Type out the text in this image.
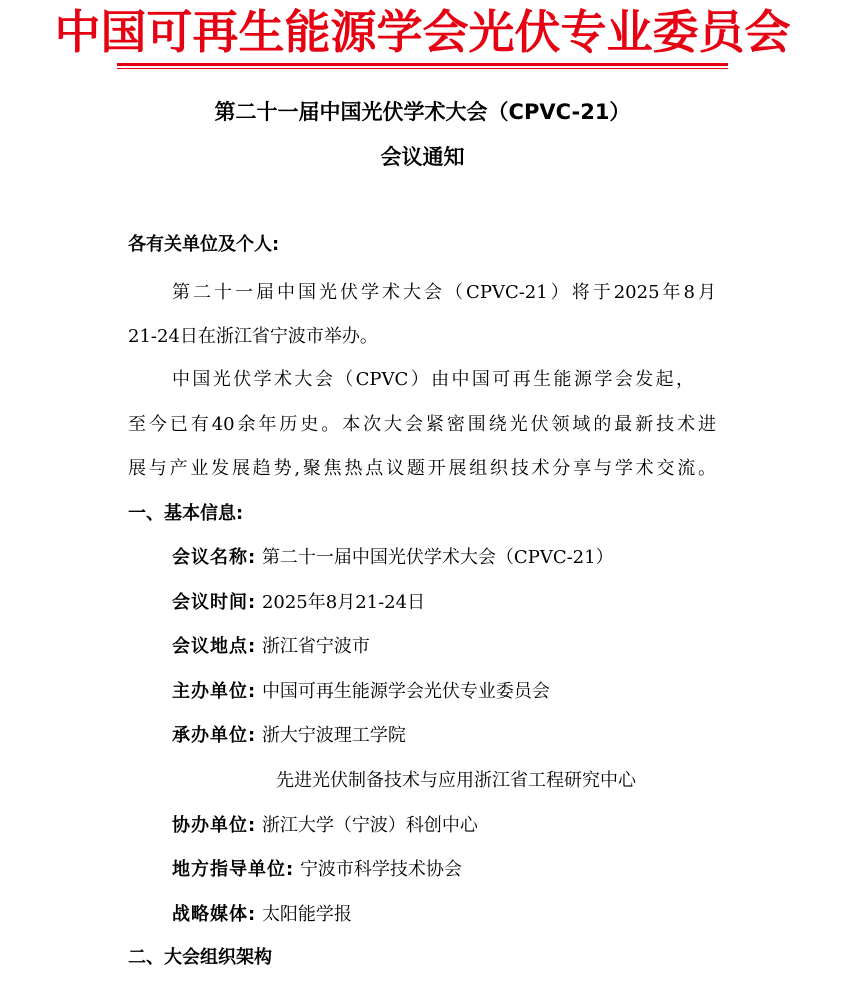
中国可再生能源学会光伏专业委员会
第二十一届中国光伏学术大会（CPVC-21）
会议通知
各有关单位及个人:
第二十一届中国光伏学术大会（CPVC-21）将于2025年8月
21-24日在浙江省宁波市举办。
中国光伏学术大会（CPVC）由中国可再生能源学会发起，
至今已有40余年历史。本次大会紧密围绕光伏领域的最新技术进
展与产业发展趋势,聚焦热点议题开展组织技术分享与学术交流。
一、基本信息:
会议名称: 第二十一届中国光伏学术大会（CPVC-21）
会议时间: 2025年8月21-24日
会议地点: 浙江省宁波市
主办单位: 中国可再生能源学会光伏专业委员会
承办单位: 浙大宁波理工学院
先进光伏制备技术与应用浙江省工程研究中心
协办单位: 浙江大学（宁波）科创中心
地方指导单位: 宁波市科学技术协会
战略媒体: 太阳能学报
二、大会组织架构
